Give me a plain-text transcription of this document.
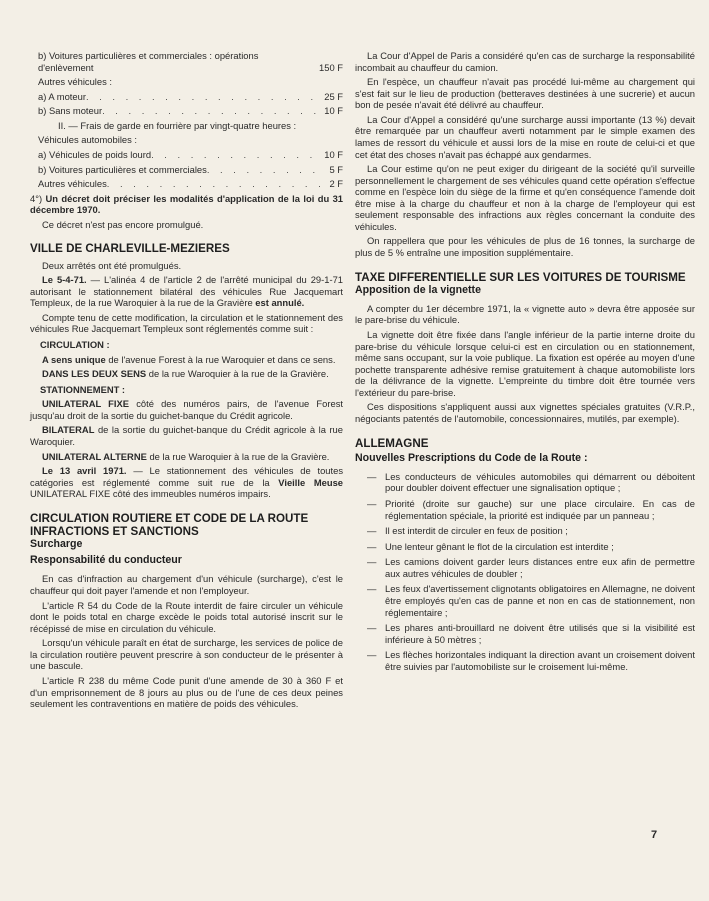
b) Voitures particulières et commerciales : opérations d'enlèvement	150 F

Autres véhicules :

a) A moteur . . .	25 F
b) Sans moteur . . .	10 F

II. — Frais de garde en fourrière par vingt-quatre heures :

Véhicules automobiles :

a) Véhicules de poids lourd . . .	10 F
b) Voitures particulières et commerciales . . .	5 F
Autres véhicules . . .	2 F

4°) Un décret doit préciser les modalités d'application de la loi du 31 décembre 1970.

Ce décret n'est pas encore promulgué.

VILLE DE CHARLEVILLE-MEZIERES

Deux arrêtés ont été promulgués.

Le 5-4-71. — L'alinéa 4 de l'article 2 de l'arrêté municipal du 29-1-71 autorisant le stationnement bilatéral des véhicules Rue Jacquemart Templeux, de la rue Waroquier à la rue de la Gravière est annulé.

Compte tenu de cette modification, la circulation et le stationnement des véhicules Rue Jacquemart Templeux sont réglementés comme suit :

CIRCULATION :

A sens unique de l'avenue Forest à la rue Waroquier et dans ce sens.

DANS LES DEUX SENS de la rue Waroquier à la rue de la Gravière.

STATIONNEMENT :

UNILATERAL FIXE côté des numéros pairs, de l'avenue Forest jusqu'au droit de la sortie du guichet-banque du Crédit agricole.

BILATERAL de la sortie du guichet-banque du Crédit agricole à la rue Waroquier.

UNILATERAL ALTERNE de la rue Waroquier à la rue de la Gravière.

Le 13 avril 1971. — Le stationnement des véhicules de toutes catégories est réglementé comme suit rue de la Vieille Meuse UNILATERAL FIXE côté des immeubles numéros impairs.

CIRCULATION ROUTIERE ET CODE DE LA ROUTE INFRACTIONS ET SANCTIONS
Surcharge
Responsabilité du conducteur

En cas d'infraction au chargement d'un véhicule (surcharge), c'est le chauffeur qui doit payer l'amende et non l'employeur.

L'article R 54 du Code de la Route interdit de faire circuler un véhicule dont le poids total en charge excède le poids total autorisé inscrit sur le récépissé de mise en circulation du véhicule.

Lorsqu'un véhicule paraît en état de surcharge, les services de police de la circulation routière peuvent prescrire à son conducteur de le présenter à une bascule.

L'article R 238 du même Code punit d'une amende de 30 à 360 F et d'un emprisonnement de 8 jours au plus ou de l'une de ces deux peines seulement les contraventions en matière de poids des véhicules.

La Cour d'Appel de Paris a considéré qu'en cas de surcharge la responsabilité incombait au chauffeur du camion.

En l'espèce, un chauffeur n'avait pas procédé lui-même au chargement qui s'est fait sur le lieu de production (betteraves destinées à une sucrerie) et aucun bon de pesée n'avait été délivré au chauffeur.

La Cour d'Appel a considéré qu'une surcharge aussi importante (13 %) devait être remarquée par un chauffeur averti notamment par le simple examen des lames de ressort du véhicule et aussi lors de la mise en route de celui-ci et que cet état des choses n'avait pas échappé aux gendarmes.

La Cour estime qu'on ne peut exiger du dirigeant de la société qu'il surveille personnellement le chargement de ses véhicules quand cette opération s'effectue comme en l'espèce loin du siège de la firme et qu'en conséquence l'amende doit être mise à la charge du chauffeur et non à la charge de l'employeur qui est seulement responsable des infractions aux règles concernant la conduite des véhicules.

On rappellera que pour les véhicules de plus de 16 tonnes, la surcharge de plus de 5 % entraîne une imposition supplémentaire.

TAXE DIFFERENTIELLE SUR LES VOITURES DE TOURISME
Apposition de la vignette

A compter du 1er décembre 1971, la « vignette auto » devra être apposée sur le pare-brise du véhicule.

La vignette doit être fixée dans l'angle inférieur de la partie interne droite du pare-brise du véhicule lorsque celui-ci est en circulation ou en stationnement, même sans occupant, sur la voie publique. La fixation est opérée au moyen d'une pochette transparente adhésive remise gratuitement à chaque automobiliste lors de la délivrance de la vignette. L'empreinte du timbre doit être tournée vers l'extérieur du pare-brise.

Ces dispositions s'appliquent aussi aux vignettes spéciales gratuites (V.R.P., négociants patentés de l'automobile, concessionnaires, mutilés, par exemple).

ALLEMAGNE
Nouvelles Prescriptions du Code de la Route :
— Les conducteurs de véhicules automobiles qui démarrent ou déboitent pour doubler doivent effectuer une signalisation optique ;
— Priorité (droite sur gauche) sur une place circulaire. En cas de réglementation spéciale, la priorité est indiquée par un panneau ;
— Il est interdit de circuler en feux de position ;
— Une lenteur gênant le flot de la circulation est interdite ;
— Les camions doivent garder leurs distances entre eux afin de permettre aux autres véhicules de doubler ;
— Les feux d'avertissement clignotants obligatoires en Allemagne, ne doivent être employés qu'en cas de panne et non en cas de stationnement, non réglementaire ;
— Les phares anti-brouillard ne doivent être utilisés que si la visibilité est inférieure à 50 mètres ;
— Les flèches horizontales indiquant la direction avant un croisement doivent être suivies par l'automobiliste sur le croisement lui-même.
7
